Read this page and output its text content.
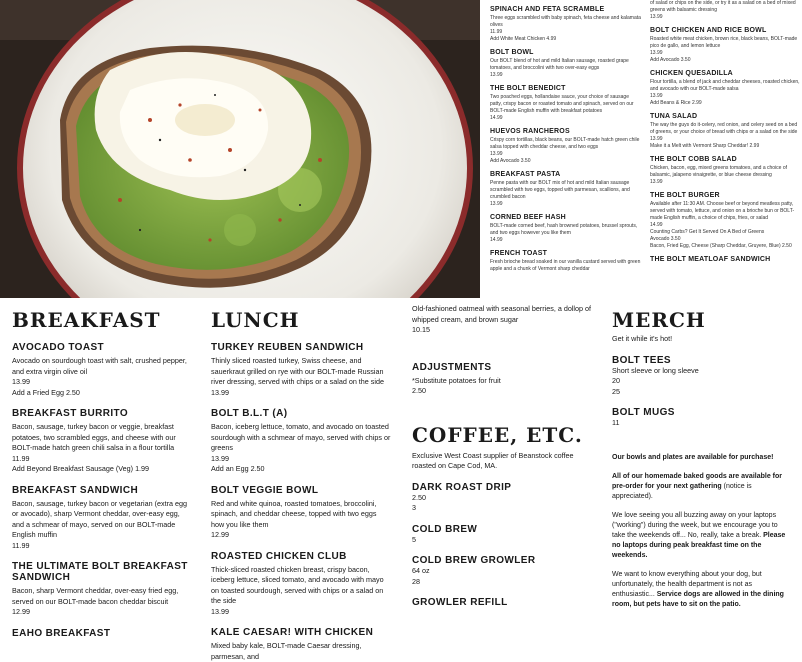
SPINACH AND FETA SCRAMBLE
Three eggs scrambled with baby spinach, feta cheese and kalamata olives
11.99
Add White Meat Chicken 4.99
BOLT BOWL
Our BOLT blend of hot and mild Italian sausage, roasted grape tomatoes, and broccolini with two over-easy eggs
13.99
THE BOLT BENEDICT
Two poached eggs, hollandaise sauce, your choice of sausage patty, crispy bacon or roasted tomato and spinach, served on our BOLT-made English muffin with breakfast potatoes
14.99
HUEVOS RANCHEROS
Crispy corn tortillas, black beans, our BOLT-made hatch green chile salsa topped with cheddar cheese, and two eggs
13.99
Add Avocado 3.50
BREAKFAST PASTA
Penne pasta with our BOLT mix of hot and mild Italian sausage scrambled with two eggs, topped with parmesan, scallions, and crumbled bacon
13.99
CORNED BEEF HASH
BOLT-made corned beef, hash browned potatoes, brussel sprouts, and two eggs however you like them
14.99
FRENCH TOAST
Fresh brioche bread soaked in our vanilla custard served with green apple and a chunk of Vermont sharp cheddar
of salad or chips on the side, or try it as a salad on a bed of mixed greens with balsamic dressing
13.99
BOLT CHICKEN AND RICE BOWL
Roasted white meat chicken, brown rice, black beans, BOLT-made pico de gallo, and lemon lettuce
13.99
Add Avocado 3.50
CHICKEN QUESADILLA
Flour tortilla, a blend of jack and cheddar cheeses, roasted chicken, and avocado with our BOLT-made salsa
13.99
Add Beans & Rice 2.99
TUNA SALAD
The way the guys do it-celery, red onion, and celery seed on a bed of greens, or your choice of bread with chips or a salad on the side
13.99
Make it a Melt with Vermont Sharp Cheddar! 2.99
THE BOLT COBB SALAD
Chicken, bacon, egg, mixed greens tomatoes, and a choice of balsamic, jalapeno vinaigrette, or blue cheese dressing
13.99
THE BOLT BURGER
Available after 11:30 AM. Choose beef or beyond meatless patty, served with tomato, lettuce, and onion on a brioche bun or BOLT-made English muffin, a choice of chips, fries, or salad
14.99
Counting Carbs? Get It Served On A Bed of Greens
Avocado 3.50
Bacon, Fried Egg, Cheese (Sharp Cheddar, Gruyere, Blue) 2.50
THE BOLT MEATLOAF SANDWICH
BREAKFAST
AVOCADO TOAST
Avocado on sourdough toast with salt, crushed pepper, and extra virgin olive oil
13.99
Add a Fried Egg 2.50
BREAKFAST BURRITO
Bacon, sausage, turkey bacon or veggie, breakfast potatoes, two scrambled eggs, and cheese with our BOLT-made hatch green chili salsa in a flour tortilla
11.99
Add Beyond Breakfast Sausage (Veg) 1.99
BREAKFAST SANDWICH
Bacon, sausage, turkey bacon or vegetarian (extra egg or avocado), sharp Vermont cheddar, over-easy egg, and a schmear of mayo, served on our BOLT-made English muffin
11.99
THE ULTIMATE BOLT BREAKFAST SANDWICH
Bacon, sharp Vermont cheddar, over-easy fried egg, served on our BOLT-made bacon cheddar biscuit
12.99
EAHO BREAKFAST
LUNCH
TURKEY REUBEN SANDWICH
Thinly sliced roasted turkey, Swiss cheese, and sauerkraut grilled on rye with our BOLT-made Russian river dressing, served with chips or a salad on the side
13.99
BOLT B.L.T (A)
Bacon, iceberg lettuce, tomato, and avocado on toasted sourdough with a schmear of mayo, served with chips or greens
13.99
Add an Egg 2.50
BOLT VEGGIE BOWL
Red and white quinoa, roasted tomatoes, broccolini, spinach, and cheddar cheese, topped with two eggs how you like them
12.99
ROASTED CHICKEN CLUB
Thick-sliced roasted chicken breast, crispy bacon, iceberg lettuce, sliced tomato, and avocado with mayo on toasted sourdough, served with chips or a salad on the side
13.99
KALE CAESAR! WITH CHICKEN
Mixed baby kale, BOLT-made Caesar dressing, parmesan, and
Old-fashioned oatmeal with seasonal berries, a dollop of whipped cream, and brown sugar
10.15
ADJUSTMENTS
*Substitute potatoes for fruit
2.50
COFFEE, ETC.
Exclusive West Coast supplier of Beanstock coffee roasted on Cape Cod, MA.
DARK ROAST DRIP
2.50
3
COLD BREW
5
COLD BREW GROWLER
64 oz
28
GROWLER REFILL
MERCH
Get it while it's hot!
BOLT TEES
Short sleeve or long sleeve
20
25
BOLT MUGS
11

Our bowls and plates are available for purchase!

All of our homemade baked goods are available for pre-order for your next gathering (notice is appreciated).

We love seeing you all buzzing away on your laptops ("working") during the week, but we encourage you to take the weekends off... No, really, take a break. Please no laptops during peak breakfast time on the weekends.

We want to know everything about your dog, but unfortunately, the health department is not as enthusiastic... Service dogs are allowed in the dining room, but pets have to sit on the patio.
